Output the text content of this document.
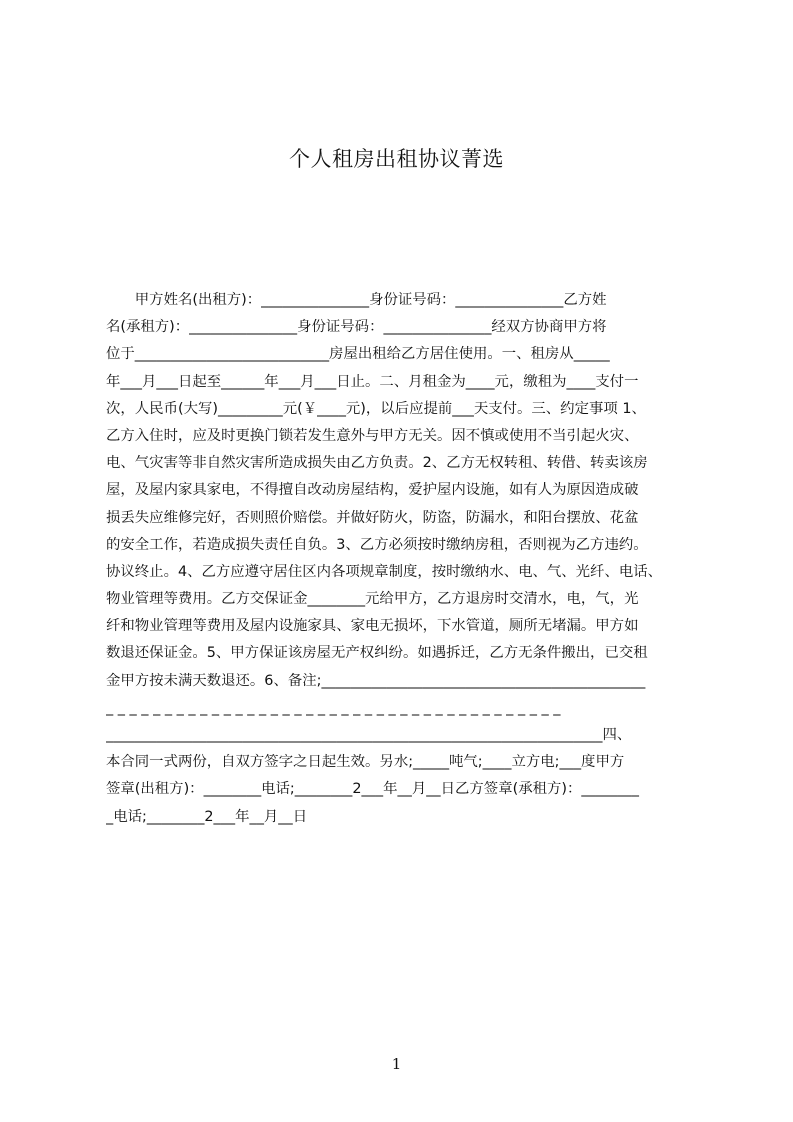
个人租房出租协议菁选
　　甲方姓名(出租方)：_______________身份证号码：_______________乙方姓
名(承租方)：_______________身份证号码：_______________经双方协商甲方将
位于___________________________房屋出租给乙方居住使用。一、租房从_____
年___月___日起至______年___月___日止。二、月租金为____元，缴租为____支付一
次，人民币(大写)_________元(￥____元)，以后应提前___天支付。三、约定事项 1、
乙方入住时，应及时更换门锁若发生意外与甲方无关。因不慎或使用不当引起火灾、
电、气灾害等非自然灾害所造成损失由乙方负责。2、乙方无权转租、转借、转卖该房
屋，及屋内家具家电，不得擅自改动房屋结构，爱护屋内设施，如有人为原因造成破
损丢失应维修完好，否则照价赔偿。并做好防火，防盗，防漏水，和阳台摆放、花盆
的安全工作，若造成损失责任自负。3、乙方必须按时缴纳房租，否则视为乙方违约。
协议终止。4、乙方应遵守居住区内各项规章制度，按时缴纳水、电、气、光纤、电话、
物业管理等费用。乙方交保证金________元给甲方，乙方退房时交清水，电，气，光
纤和物业管理等费用及屋内设施家具、家电无损坏，下水管道，厕所无堵漏。甲方如
数退还保证金。5、甲方保证该房屋无产权纠纷。如遇拆迁，乙方无条件搬出，已交租
金甲方按未满天数退还。6、备注;_____________________________________________
_ _ _ _ _ _ _ _ _ _ _ _ _ _ _ _ _ _ _ _ _ _ _ _ _ _ _ _ _ _ _ _ _ _ _ _ _ _ _
_____________________________________________________________________四、
本合同一式两份，自双方签字之日起生效。另水;_____吨气;____立方电;___度甲方
签章(出租方)：________电话;________2___年__月__日乙方签章(承租方)：________
_电话;________2___年__月__日
1
